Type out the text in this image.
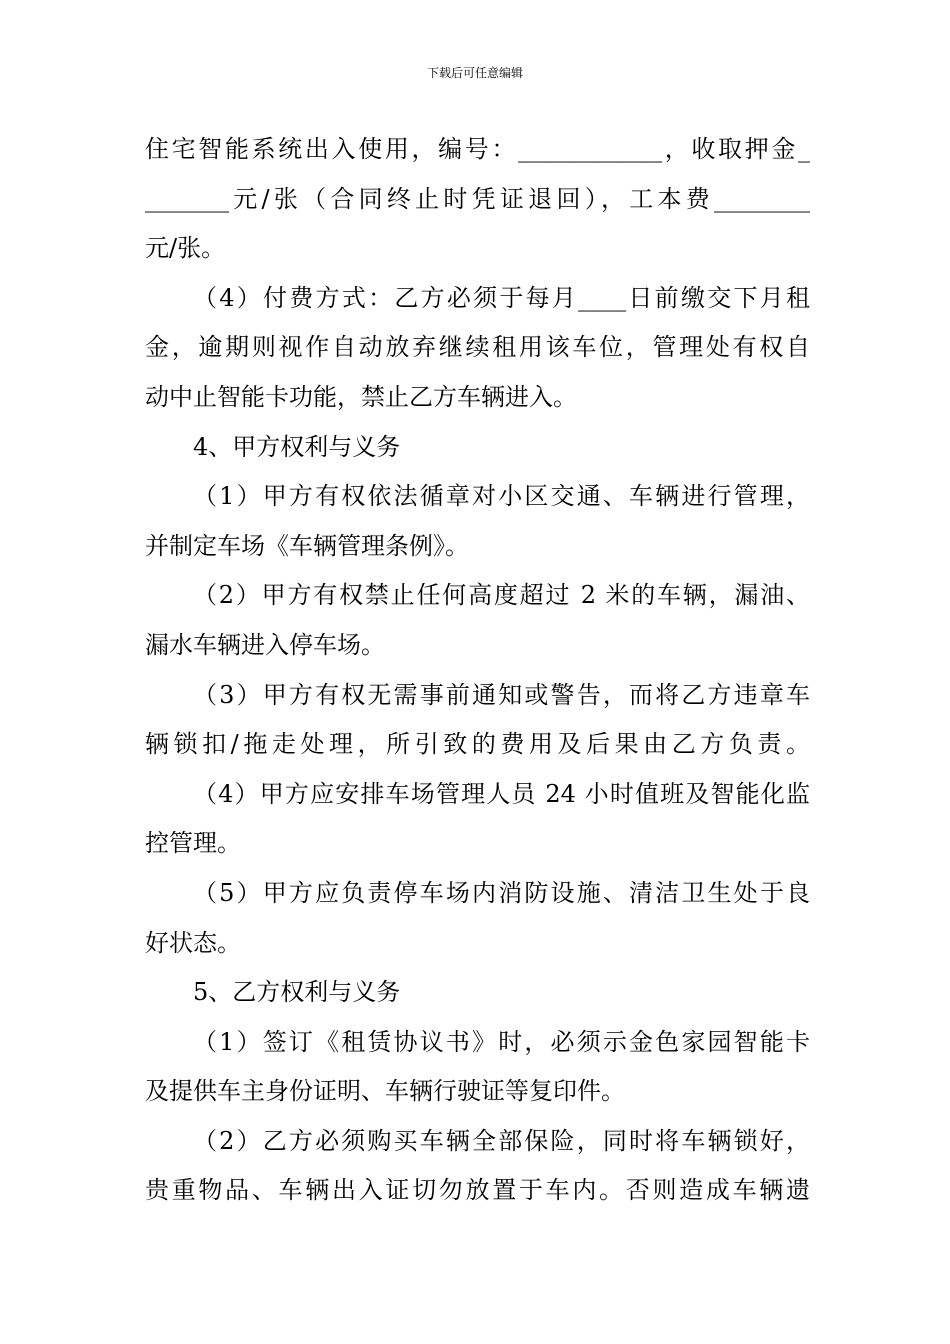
下载后可任意编辑
住宅智能系统出入使用，编号：____________，收取押金_
_______元/张（合同终止时凭证退回），工本费________
元/张。
（4）付费方式：乙方必须于每月____日前缴交下月租
金，逾期则视作自动放弃继续租用该车位，管理处有权自
动中止智能卡功能，禁止乙方车辆进入。
4、甲方权利与义务
（1）甲方有权依法循章对小区交通、车辆进行管理，
并制定车场《车辆管理条例》。
（2）甲方有权禁止任何高度超过 2 米的车辆，漏油、
漏水车辆进入停车场。
（3）甲方有权无需事前通知或警告，而将乙方违章车
辆锁扣/拖走处理，所引致的费用及后果由乙方负责。
（4）甲方应安排车场管理人员 24 小时值班及智能化监
控管理。
（5）甲方应负责停车场内消防设施、清洁卫生处于良
好状态。
5、乙方权利与义务
（1）签订《租赁协议书》时，必须示金色家园智能卡
及提供车主身份证明、车辆行驶证等复印件。
（2）乙方必须购买车辆全部保险，同时将车辆锁好，
贵重物品、车辆出入证切勿放置于车内。否则造成车辆遗
